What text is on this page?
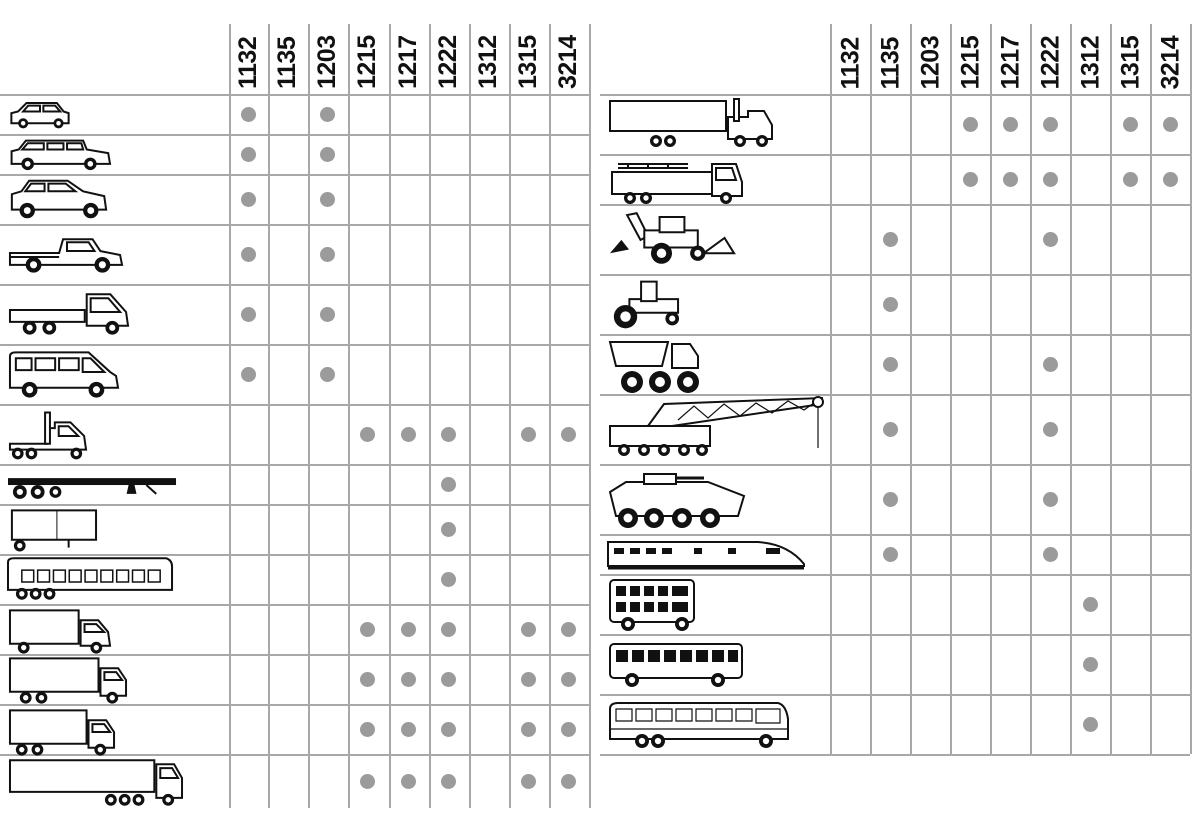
1132 1135 1203 1215 1217 1222 1312 1315 3214	1132 1135 1203 1215 1217 1222 1312 1315 3214
